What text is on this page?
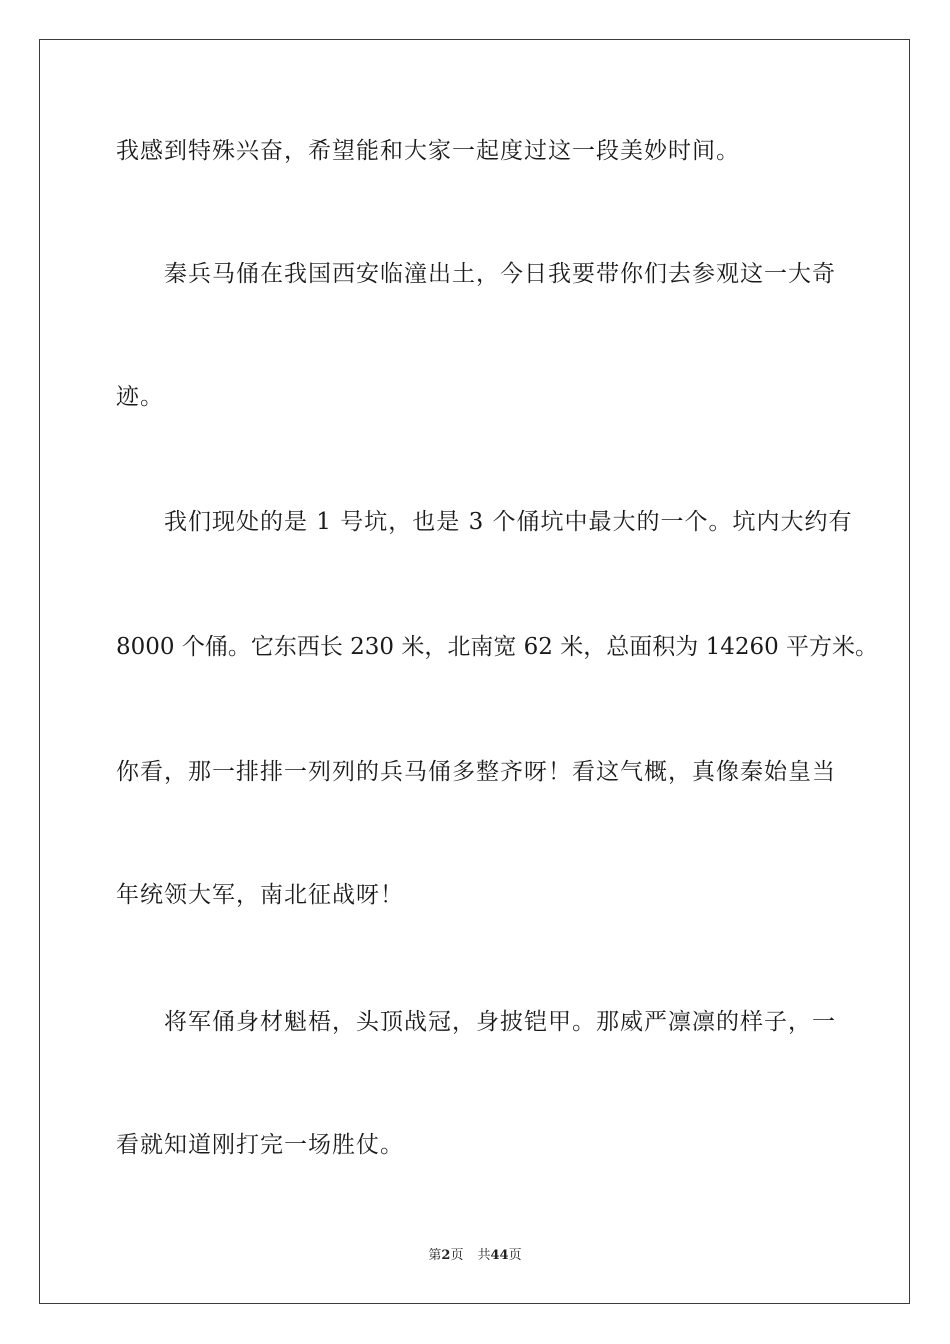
我感到特殊兴奋，希望能和大家一起度过这一段美妙时间。
秦兵马俑在我国西安临潼出土，今日我要带你们去参观这一大奇
迹。
我们现处的是 1 号坑，也是 3 个俑坑中最大的一个。坑内大约有
8000 个俑。它东西长 230 米，北南宽 62 米，总面积为 14260 平方米。
你看，那一排排一列列的兵马俑多整齐呀！看这气概，真像秦始皇当
年统领大军，南北征战呀！
将军俑身材魁梧，头顶战冠，身披铠甲。那威严凛凛的样子，一
看就知道刚打完一场胜仗。
第2页 共44页
